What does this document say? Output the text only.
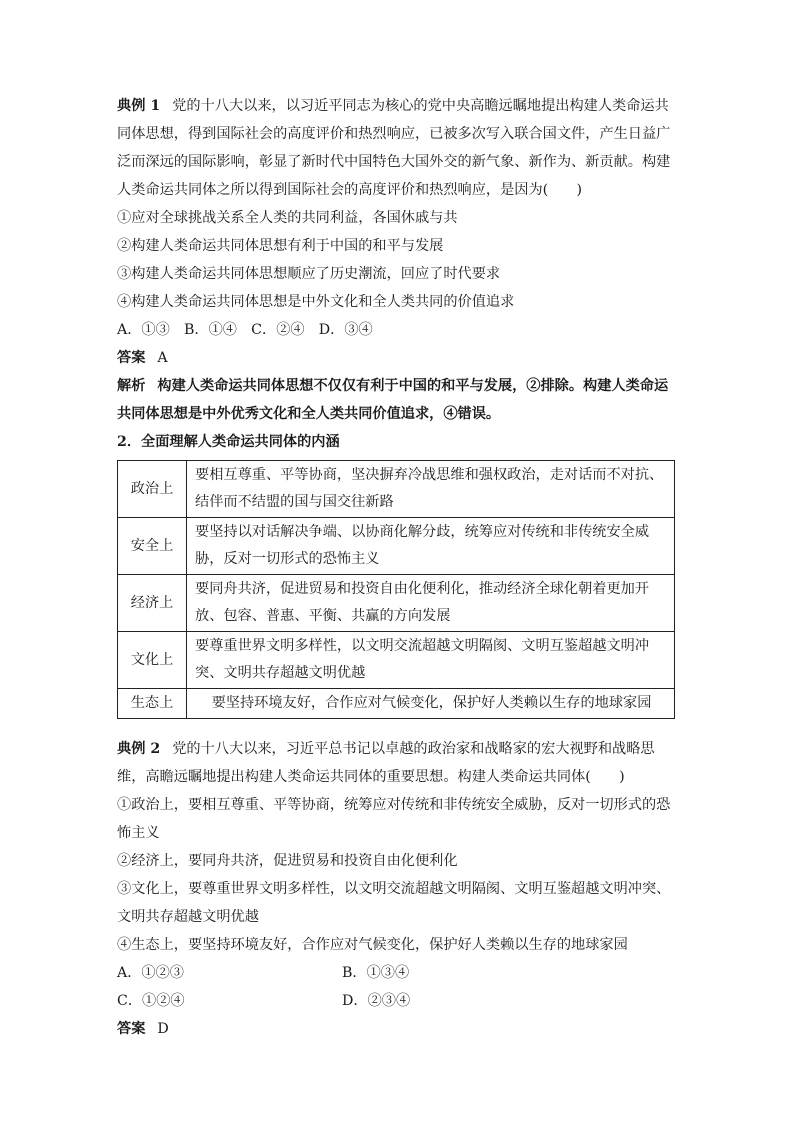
典例 1 党的十八大以来，以习近平同志为核心的党中央高瞻远瞩地提出构建人类命运共同体思想，得到国际社会的高度评价和热烈响应，已被多次写入联合国文件，产生日益广泛而深远的国际影响，彰显了新时代中国特色大国外交的新气象、新作为、新贡献。构建人类命运共同体之所以得到国际社会的高度评价和热烈响应，是因为(　　)

①应对全球挑战关系全人类的共同利益，各国休戚与共

②构建人类命运共同体思想有利于中国的和平与发展

③构建人类命运共同体思想顺应了历史潮流，回应了时代要求

④构建人类命运共同体思想是中外文化和全人类共同的价值追求

A．①③　B．①④　C．②④　D．③④

答案 A

解析 构建人类命运共同体思想不仅仅有利于中国的和平与发展，②排除。构建人类命运共同体思想是中外优秀文化和全人类共同价值追求，④错误。

2．全面理解人类命运共同体的内涵

政治上	要相互尊重、平等协商，坚决摒弃冷战思维和强权政治，走对话而不对抗、结伴而不结盟的国与国交往新路
安全上	要坚持以对话解决争端、以协商化解分歧，统筹应对传统和非传统安全威胁，反对一切形式的恐怖主义
经济上	要同舟共济，促进贸易和投资自由化便利化，推动经济全球化朝着更加开放、包容、普惠、平衡、共赢的方向发展
文化上	要尊重世界文明多样性，以文明交流超越文明隔阂、文明互鉴超越文明冲突、文明共存超越文明优越
生态上	要坚持环境友好，合作应对气候变化，保护好人类赖以生存的地球家园

典例 2 党的十八大以来，习近平总书记以卓越的政治家和战略家的宏大视野和战略思维，高瞻远瞩地提出构建人类命运共同体的重要思想。构建人类命运共同体(　　)

①政治上，要相互尊重、平等协商，统筹应对传统和非传统安全威胁，反对一切形式的恐怖主义

②经济上，要同舟共济，促进贸易和投资自由化便利化

③文化上，要尊重世界文明多样性，以文明交流超越文明隔阂、文明互鉴超越文明冲突、文明共存超越文明优越

④生态上，要坚持环境友好，合作应对气候变化，保护好人类赖以生存的地球家园

A．①②③	B．①③④
C．①②④	D．②③④

答案 D
